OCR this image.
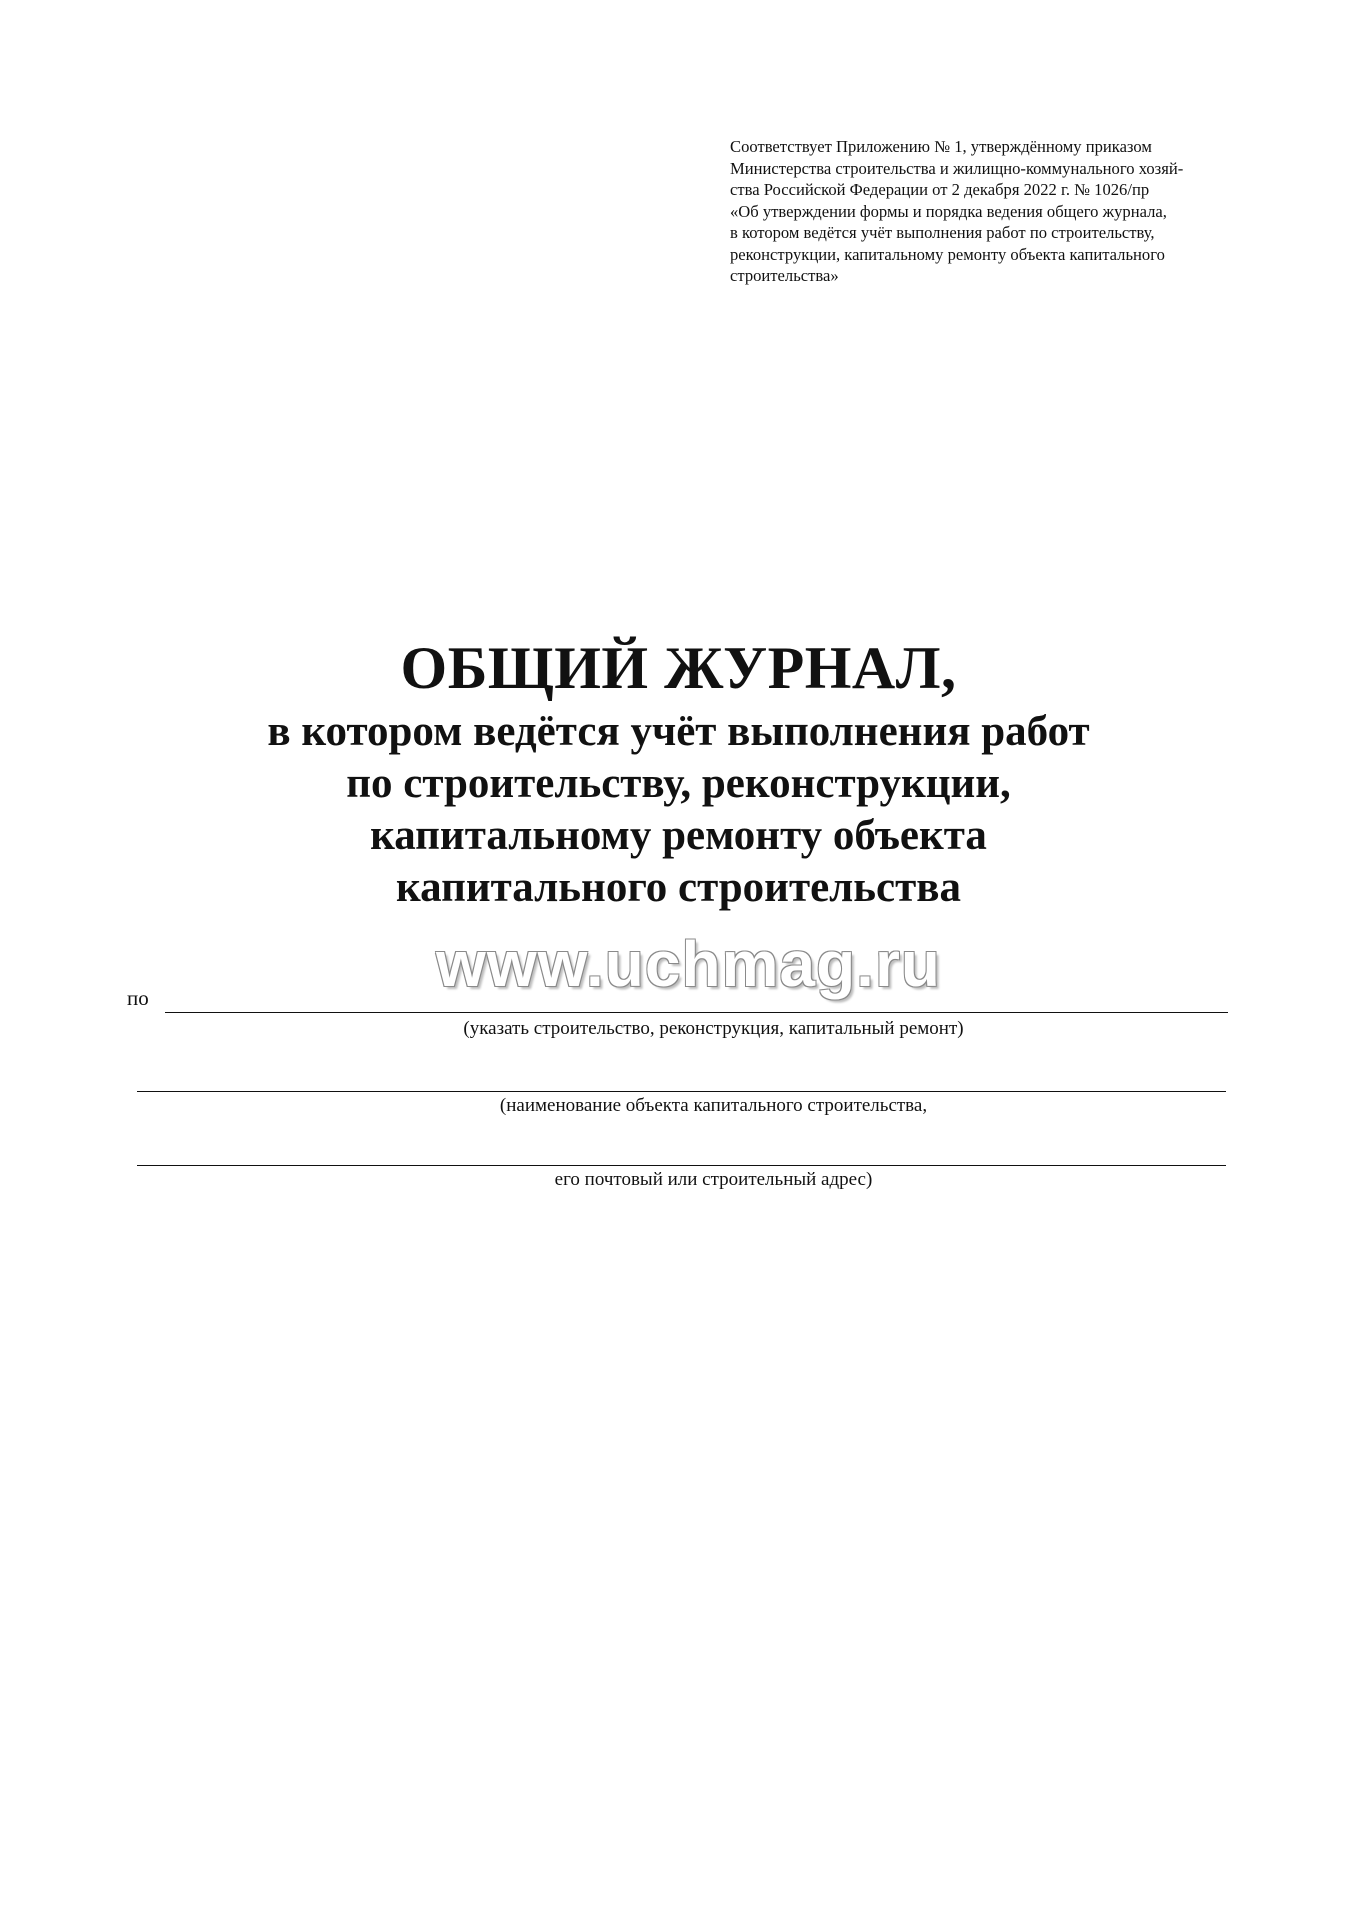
Соответствует Приложению № 1, утверждённому приказом
Министерства строительства и жилищно-коммунального хозяй-
ства Российской Федерации от 2 декабря 2022 г. № 1026/пр
«Об утверждении формы и порядка ведения общего журнала,
в котором ведётся учёт выполнения работ по строительству,
реконструкции, капитальному ремонту объекта капитального
строительства»
ОБЩИЙ ЖУРНАЛ,
в котором ведётся учёт выполнения работ
по строительству, реконструкции,
капитальному ремонту объекта
капитального строительства
www.uchmag.ru
по
(указать строительство, реконструкция, капитальный ремонт)
(наименование объекта капитального строительства,
его почтовый или строительный адрес)
